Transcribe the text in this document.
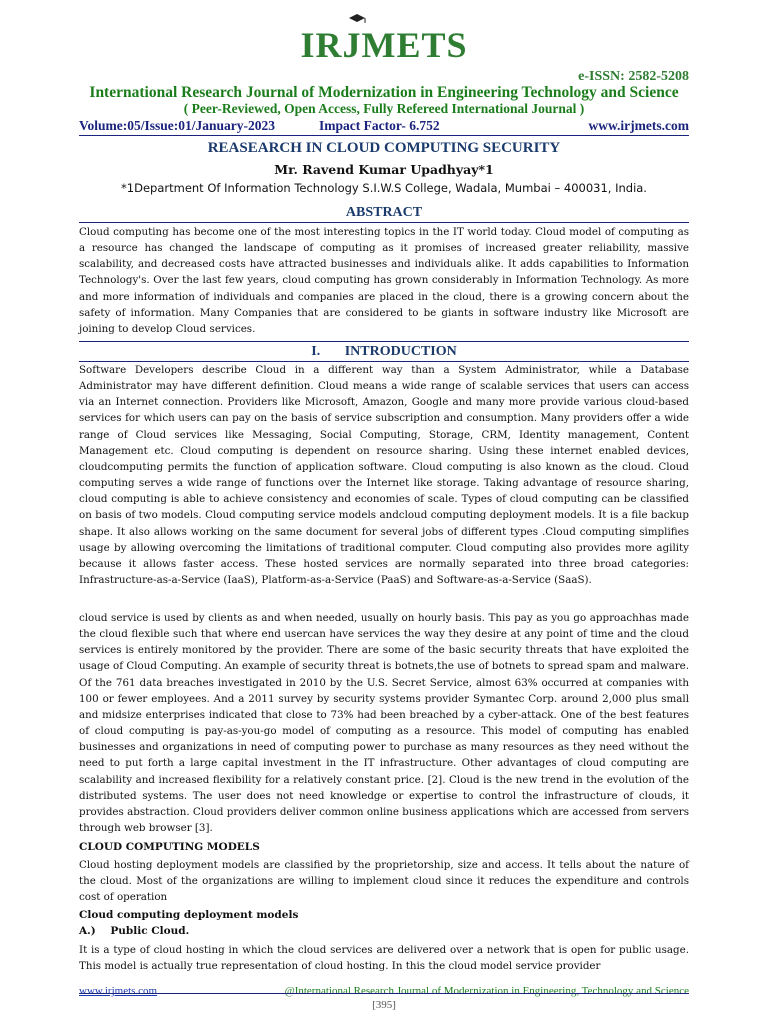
IRJMETS
e-ISSN: 2582-5208
International Research Journal of Modernization in Engineering Technology and Science
( Peer-Reviewed, Open Access, Fully Refereed International Journal )
Volume:05/Issue:01/January-2023	Impact Factor- 6.752	www.irjmets.com
REASEARCH IN CLOUD COMPUTING SECURITY
Mr. Ravend Kumar Upadhyay*1
*1Department Of Information Technology S.I.W.S College, Wadala, Mumbai – 400031, India.
ABSTRACT

Cloud computing has become one of the most interesting topics in the IT world today. Cloud model of computing as a resource has changed the landscape of computing as it promises of increased greater reliability, massive scalability, and decreased costs have attracted businesses and individuals alike. It adds capabilities to Information Technology's. Over the last few years, cloud computing has grown considerably in Information Technology. As more and more information of individuals and companies are placed in the cloud, there is a growing concern about the safety of information. Many Companies that are considered to be giants in software industry like Microsoft are joining to develop Cloud services.

I.       INTRODUCTION

Software Developers describe Cloud in a different way than a System Administrator, while a Database Administrator may have different definition. Cloud means a wide range of scalable services that users can access via an Internet connection. Providers like Microsoft, Amazon, Google and many more provide various cloud-based services for which users can pay on the basis of service subscription and consumption. Many providers offer a wide range of Cloud services like Messaging, Social Computing, Storage, CRM, Identity management, Content Management etc. Cloud computing is dependent on resource sharing. Using these internet enabled devices, cloudcomputing permits the function of application software. Cloud computing is also known as the cloud. Cloud computing serves a wide range of functions over the Internet like storage. Taking advantage of resource sharing, cloud computing is able to achieve consistency and economies of scale. Types of cloud computing can be classified on basis of two models. Cloud computing service models andcloud computing deployment models. It is a file backup shape. It also allows working on the same document for several jobs of different types .Cloud computing simplifies usage by allowing overcoming the limitations of traditional computer. Cloud computing also provides more agility because it allows faster access. These hosted services are normally separated into three broad categories: Infrastructure-as-a-Service (IaaS), Platform-as-a-Service (PaaS) and Software-as-a-Service (SaaS).

cloud service is used by clients as and when needed, usually on hourly basis. This pay as you go approachhas made the cloud flexible such that where end usercan have services the way they desire at any point of time and the cloud services is entirely monitored by the provider. There are some of the basic security threats that have exploited the usage of Cloud Computing. An example of security threat is botnets,the use of botnets to spread spam and malware. Of the 761 data breaches investigated in 2010 by the U.S. Secret Service, almost 63% occurred at companies with 100 or fewer employees. And a 2011 survey by security systems provider Symantec Corp. around 2,000 plus small and midsize enterprises indicated that close to 73% had been breached by a cyber-attack. One of the best features of cloud computing is pay-as-you-go model of computing as a resource. This model of computing has enabled businesses and organizations in need of computing power to purchase as many resources as they need without the need to put forth a large capital investment in the IT infrastructure. Other advantages of cloud computing are scalability and increased flexibility for a relatively constant price. [2]. Cloud is the new trend in the evolution of the distributed systems. The user does not need knowledge or expertise to control the infrastructure of clouds, it provides abstraction. Cloud providers deliver common online business applications which are accessed from servers through web browser [3].

CLOUD COMPUTING MODELS

Cloud hosting deployment models are classified by the proprietorship, size and access. It tells about the nature of the cloud. Most of the organizations are willing to implement cloud since it reduces the expenditure and controls cost of operation

Cloud computing deployment models
A.)    Public Cloud.

It is a type of cloud hosting in which the cloud services are delivered over a network that is open for public usage. This model is actually true representation of cloud hosting. In this the cloud model service provider

www.irjmets.com	@International Research Journal of Modernization in Engineering, Technology and Science
[395]
